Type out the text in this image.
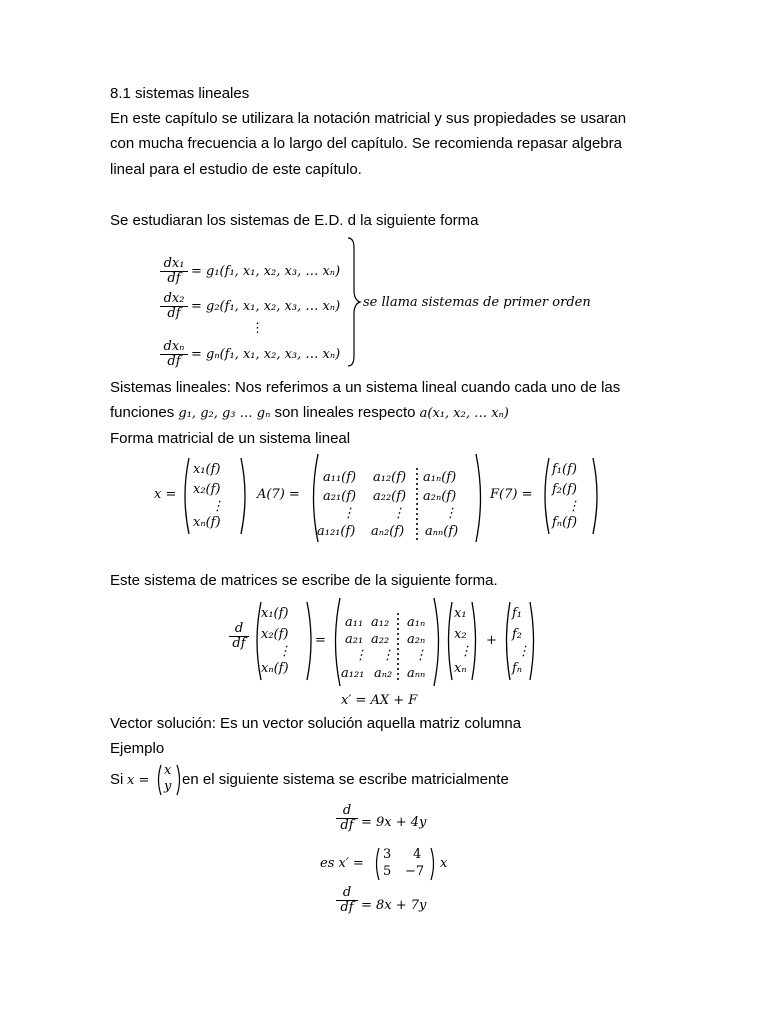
8.1 sistemas lineales
En este capítulo se utilizara la notación matricial y sus propiedades se usaran
con mucha frecuencia a lo largo del capítulo. Se recomienda repasar algebra
lineal para el estudio de este capítulo.
Se estudiaran los sistemas de E.D. d la siguiente forma
$\frac{\text{dx₁}}{df} = g_1(f_1$, x₁, x₂, x₃, … xₙ)
$\frac{\text{dx₂}}{df} = g_2(f_1$, x₁, x₂, x₃, … xₙ)
⋮
dxₙ
df = gₙ(f₁, x₁, x₂, x₃, … xₙ)
se llama sistemas de primer orden
Sistemas lineales: Nos referimos a un sistema lineal cuando cada uno de las
funciones g₁, g₂, g₃ … gₙ son lineales respecto a(x₁, x₂, … xₙ)
Forma matricial de un sistema lineal
x =
x₁(f)
x₂(f)
⋮
xₙ(f)
A(7) =
a₁₁(f) a₁₂(f) a₁ₙ(f)
a₂₁(f) a₂₂(f) a₂ₙ(f)
⋮	⋮	⋮
a₁₂₁(f) aₙ₂(f) aₙₙ(f)
F(7) =
f₁(f)
f₂(f)
⋮
fₙ(f)
Este sistema de matrices se escribe de la siguiente forma.
$\frac{d}{df}$
x₁(f)
x₂(f)
⋮
xₙ(f)
=
a₁₁ a₁₂ a₁ₙ
a₂₁ a₂₂ a₂ₙ
⋮ ⋮ ⋮
a₁₂₁ aₙ₂ aₙₙ
x₁
x₂
⋮
xₙ
+
f₁
f₂
⋮
fₙ
x′ = AX + F
Vector solución: Es un vector solución aquella matriz columna
Ejemplo
Si x =
x
y en el siguiente sistema se escribe matricialmente
$\frac{d}{df} = 9x + 4y$
es x′ =
3 4
5 −7
x
$\frac{d}{df} = 8x + 7y$
